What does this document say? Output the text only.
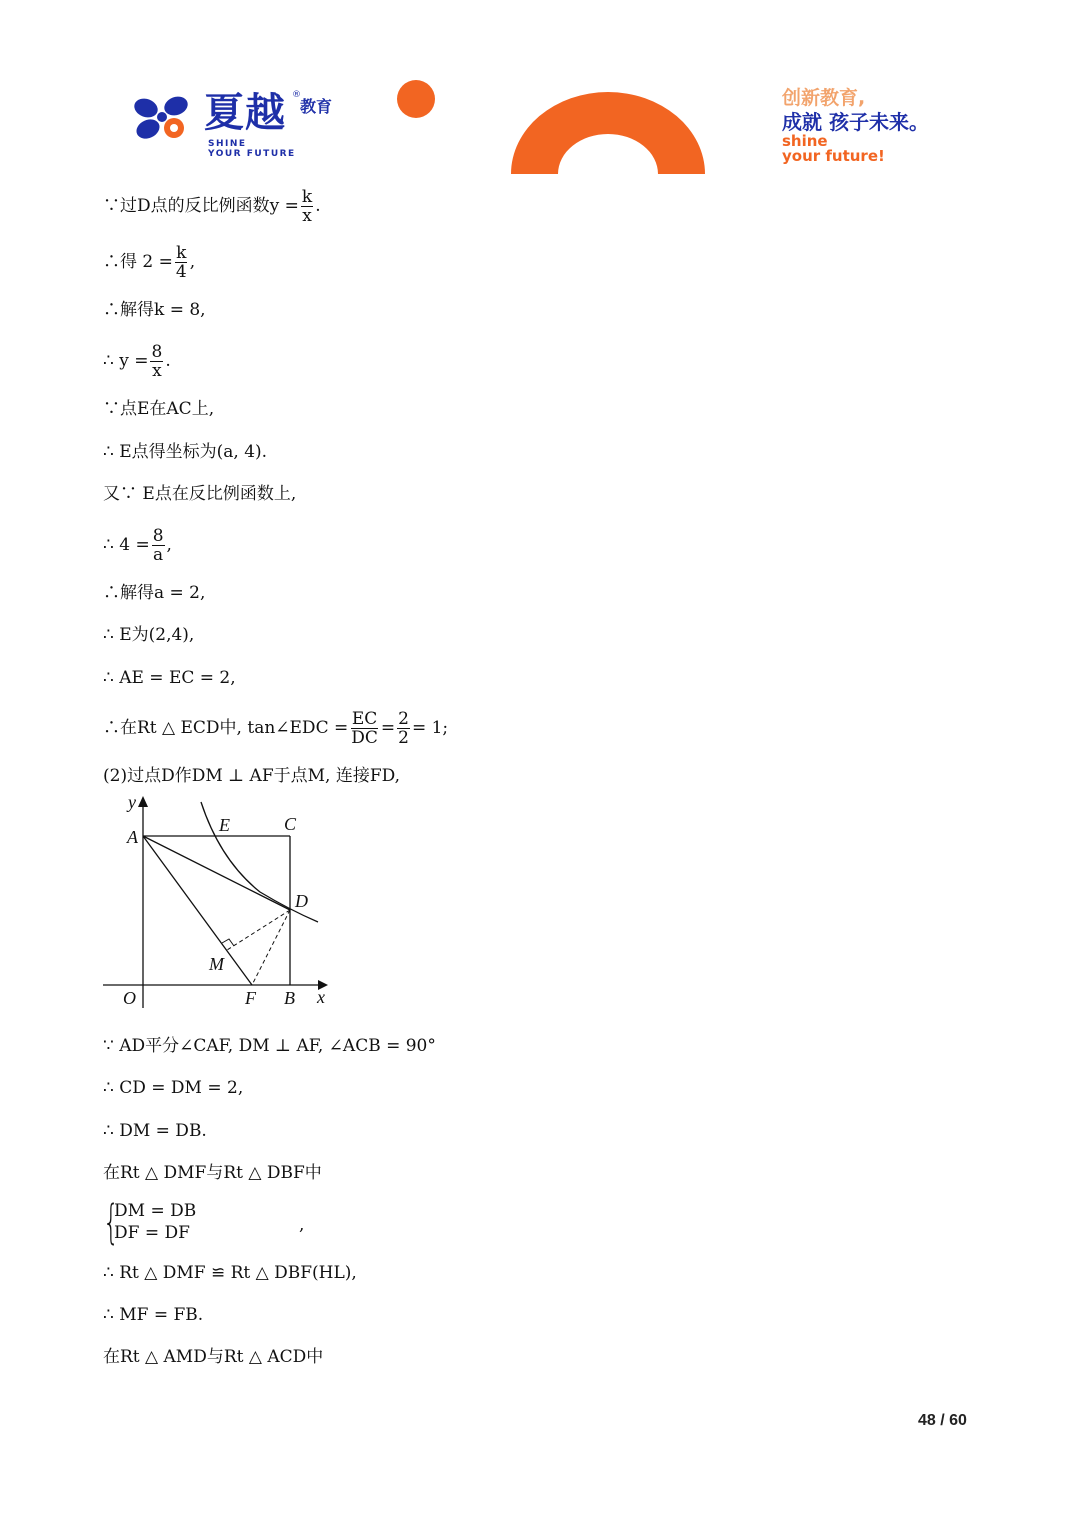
夏越 ®
教育
SHINE
YOUR FUTURE
创新教育,
成就 孩子未来。
shine
your future!
∵过D点的反比例函数$y = \frac{k}{x}$ .
∴得 $2 = \frac{k}{4}$ ,
∴解得k = 8,
∴ $y = \frac{8}{x}$ .
∵点E在AC上,
∴ E点得坐标为(a, 4).
又∵ E点在反比例函数上,
∴ $4 = \frac{8}{a}$ ,
∴解得a = 2,
∴ E为(2,4),
∴ AE = EC = 2,
∴在Rt △ ECD中, tan∠EDC = $\frac{EC}{DC} = \frac{2}{2} = 1$;
(2)过点D作DM ⊥ AF于点M, 连接FD,
y
x
A
E	C
D
M
O	F B
∵ AD平分∠CAF, DM ⊥ AF, ∠ACB = 90°
∴ CD = DM = 2,
∴ DM = DB.
在Rt △ DMF与Rt △ DBF中
{
DM = DB
DF = DF	,
∴ Rt △ DMF ≌ Rt △ DBF(HL),
∴ MF = FB.
在Rt △ AMD与Rt △ ACD中
48 / 60
